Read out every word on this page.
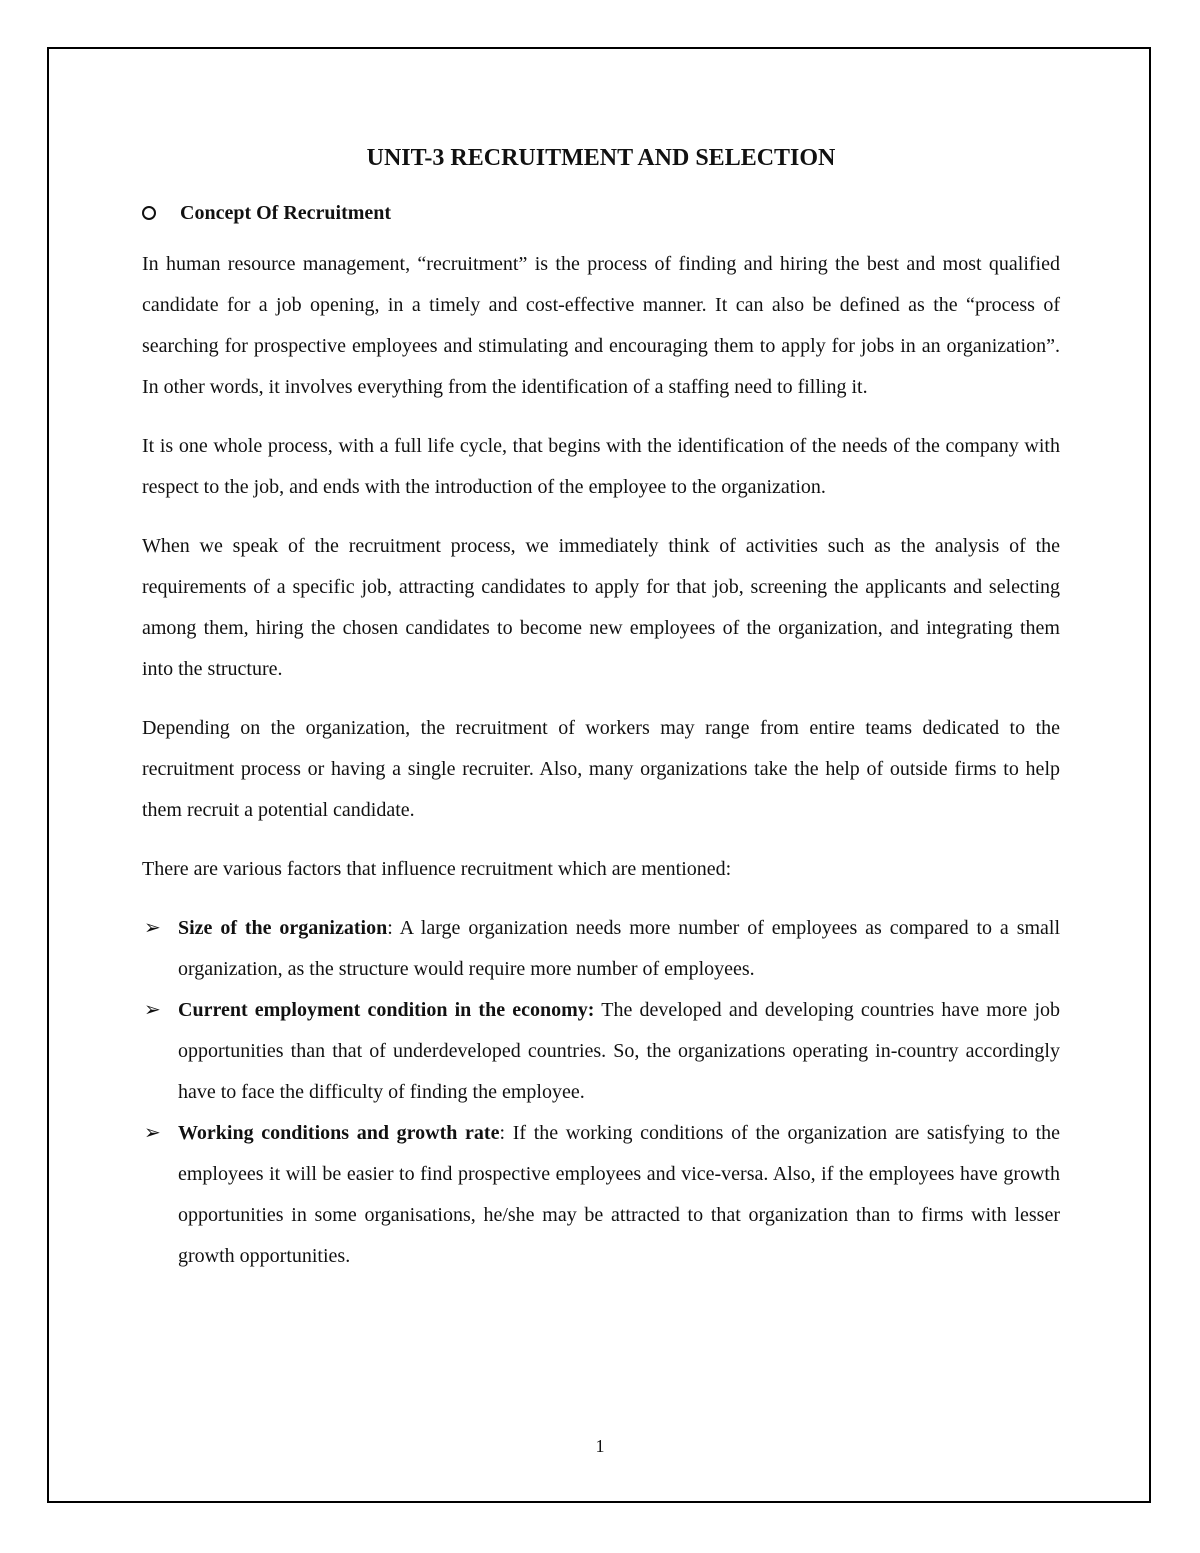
UNIT-3 RECRUITMENT AND SELECTION
Concept Of Recruitment

In human resource management, “recruitment” is the process of finding and hiring the best and most qualified candidate for a job opening, in a timely and cost-effective manner. It can also be defined as the “process of searching for prospective employees and stimulating and encouraging them to apply for jobs in an organization”. In other words, it involves everything from the identification of a staffing need to filling it.

It is one whole process, with a full life cycle, that begins with the identification of the needs of the company with respect to the job, and ends with the introduction of the employee to the organization.

When we speak of the recruitment process, we immediately think of activities such as the analysis of the requirements of a specific job, attracting candidates to apply for that job, screening the applicants and selecting among them, hiring the chosen candidates to become new employees of the organization, and integrating them into the structure.

Depending on the organization, the recruitment of workers may range from entire teams dedicated to the recruitment process or having a single recruiter. Also, many organizations take the help of outside firms to help them recruit a potential candidate.

There are various factors that influence recruitment which are mentioned:

➢ Size of the organization: A large organization needs more number of employees as compared to a small organization, as the structure would require more number of employees.
➢ Current employment condition in the economy: The developed and developing countries have more job opportunities than that of underdeveloped countries. So, the organizations operating in-country accordingly have to face the difficulty of finding the employee.
➢ Working conditions and growth rate: If the working conditions of the organization are satisfying to the employees it will be easier to find prospective employees and vice-versa. Also, if the employees have growth opportunities in some organisations, he/she may be attracted to that organization than to firms with lesser growth opportunities.
1
